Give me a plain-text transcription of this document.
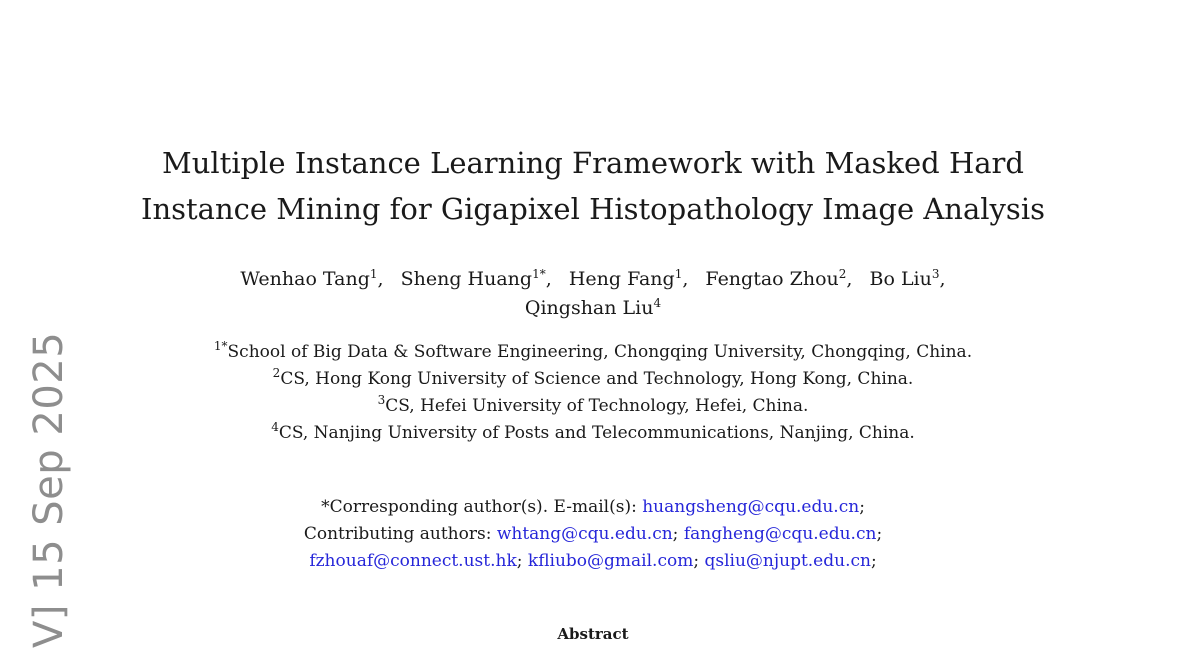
V] 15 Sep 2025
Multiple Instance Learning Framework with Masked Hard
Instance Mining for Gigapixel Histopathology Image Analysis
Wenhao Tang$^1$, Sheng Huang$^{1*}$, Heng Fang$^1$, Fengtao Zhou$^2$, Bo Liu$^3$,
Qingshan Liu$^4$
$^{1*}$School of Big Data & Software Engineering, Chongqing University, Chongqing, China.
$^2$CS, Hong Kong University of Science and Technology, Hong Kong, China.
$^3$CS, Hefei University of Technology, Hefei, China.
$^4$CS, Nanjing University of Posts and Telecommunications, Nanjing, China.
*Corresponding author(s). E-mail(s): huangsheng@cqu.edu.cn;
Contributing authors: whtang@cqu.edu.cn; fangheng@cqu.edu.cn;
fzhouaf@connect.ust.hk; kfliubo@gmail.com; qsliu@njupt.edu.cn;
Abstract
